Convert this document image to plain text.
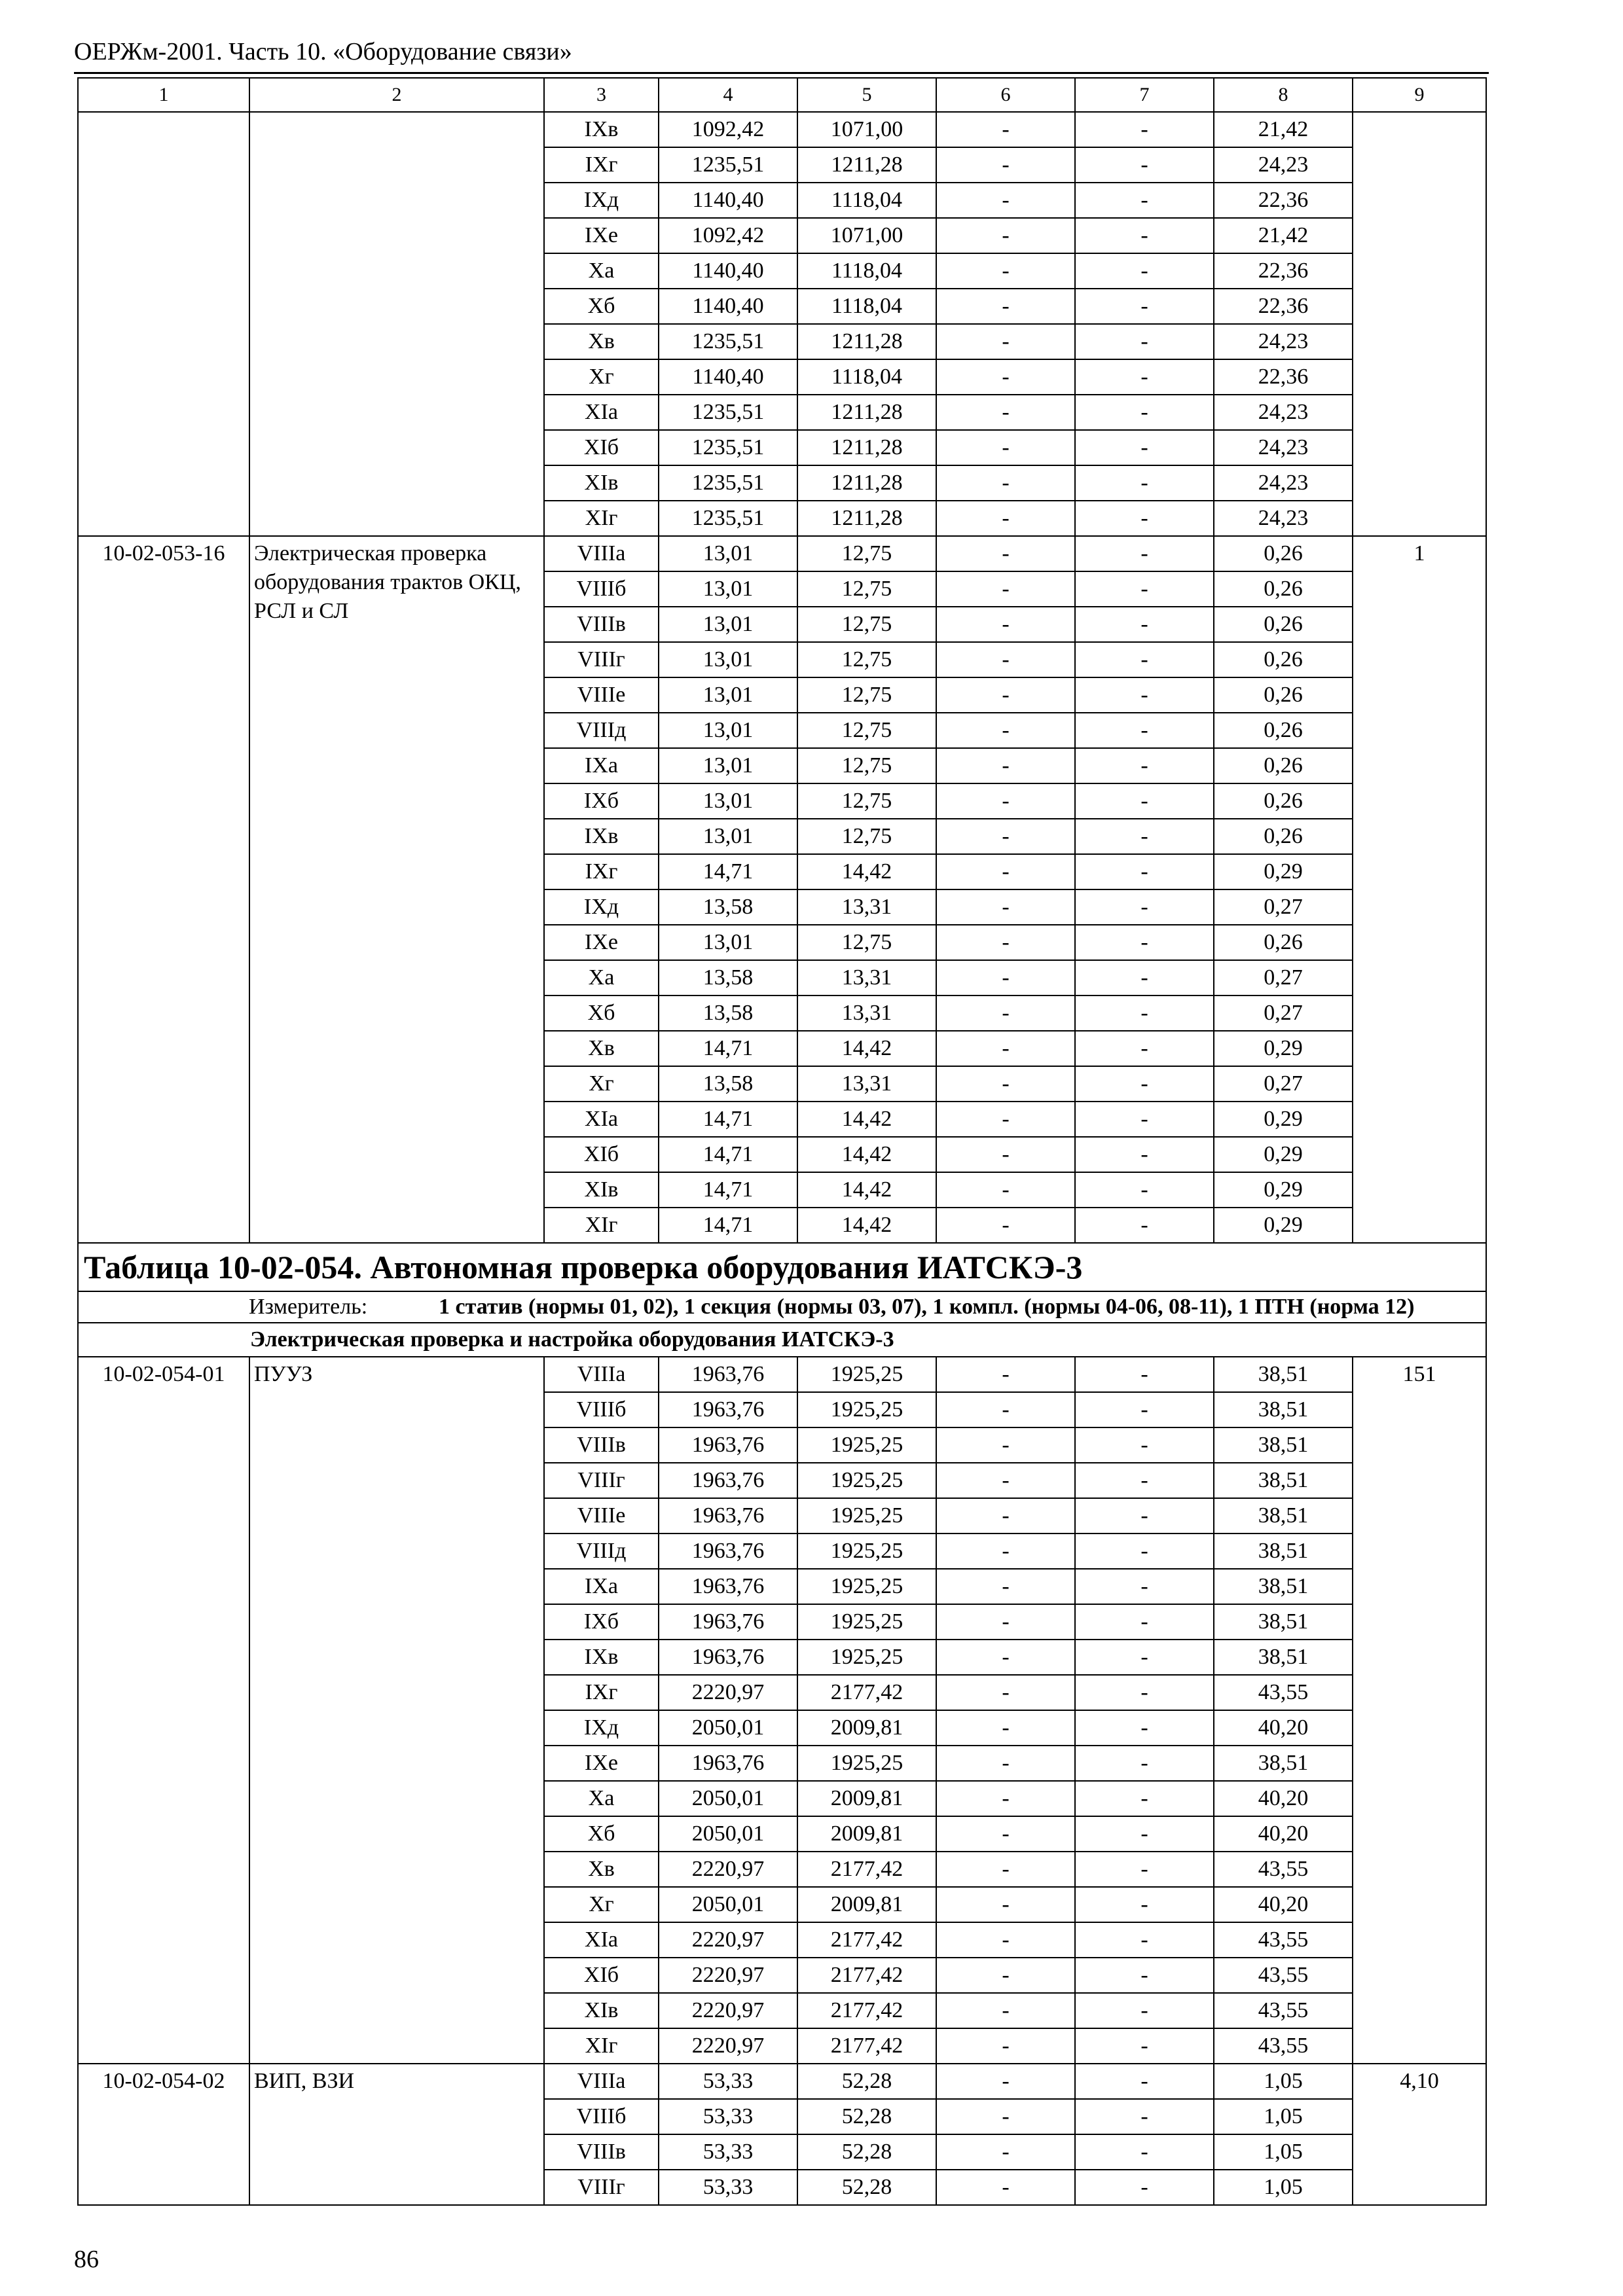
ОЕРЖм-2001. Часть 10. «Оборудование связи»
1	2	3	4	5	6	7	8	9
		IXв	1092,42	1071,00	-	-	21,42	
		IXг	1235,51	1211,28	-	-	24,23	
		IXд	1140,40	1118,04	-	-	22,36	
		IXе	1092,42	1071,00	-	-	21,42	
		Xа	1140,40	1118,04	-	-	22,36	
		Xб	1140,40	1118,04	-	-	22,36	
		Xв	1235,51	1211,28	-	-	24,23	
		Xг	1140,40	1118,04	-	-	22,36	
		XIа	1235,51	1211,28	-	-	24,23	
		XIб	1235,51	1211,28	-	-	24,23	
		XIв	1235,51	1211,28	-	-	24,23	
		XIг	1235,51	1211,28	-	-	24,23	
10-02-053-16	Электрическая проверка оборудования трактов ОКЦ, РСЛ и СЛ	VIIIа	13,01	12,75	-	-	0,26	1
		VIIIб	13,01	12,75	-	-	0,26	
		VIIIв	13,01	12,75	-	-	0,26	
		VIIIг	13,01	12,75	-	-	0,26	
		VIIIе	13,01	12,75	-	-	0,26	
		VIIIд	13,01	12,75	-	-	0,26	
		IXа	13,01	12,75	-	-	0,26	
		IXб	13,01	12,75	-	-	0,26	
		IXв	13,01	12,75	-	-	0,26	
		IXг	14,71	14,42	-	-	0,29	
		IXд	13,58	13,31	-	-	0,27	
		IXе	13,01	12,75	-	-	0,26	
		Xа	13,58	13,31	-	-	0,27	
		Xб	13,58	13,31	-	-	0,27	
		Xв	14,71	14,42	-	-	0,29	
		Xг	13,58	13,31	-	-	0,27	
		XIа	14,71	14,42	-	-	0,29	
		XIб	14,71	14,42	-	-	0,29	
		XIв	14,71	14,42	-	-	0,29	
		XIг	14,71	14,42	-	-	0,29	
Таблица 10-02-054. Автономная проверка оборудования ИАТСКЭ-3								

Измеритель: 1 статив (нормы 01, 02), 1 секция (нормы 03, 07), 1 компл. (нормы 04-06, 08-11), 1 ПТН (норма 12)								

Электрическая проверка и настройка оборудования ИАТСКЭ-3								
10-02-054-01	ПУУЗ	VIIIа	1963,76	1925,25	-	-	38,51	151
		VIIIб	1963,76	1925,25	-	-	38,51	
		VIIIв	1963,76	1925,25	-	-	38,51	
		VIIIг	1963,76	1925,25	-	-	38,51	
		VIIIе	1963,76	1925,25	-	-	38,51	
		VIIIд	1963,76	1925,25	-	-	38,51	
		IXа	1963,76	1925,25	-	-	38,51	
		IXб	1963,76	1925,25	-	-	38,51	
		IXв	1963,76	1925,25	-	-	38,51	
		IXг	2220,97	2177,42	-	-	43,55	
		IXд	2050,01	2009,81	-	-	40,20	
		IXе	1963,76	1925,25	-	-	38,51	
		Xа	2050,01	2009,81	-	-	40,20	
		Xб	2050,01	2009,81	-	-	40,20	
		Xв	2220,97	2177,42	-	-	43,55	
		Xг	2050,01	2009,81	-	-	40,20	
		XIа	2220,97	2177,42	-	-	43,55	
		XIб	2220,97	2177,42	-	-	43,55	
		XIв	2220,97	2177,42	-	-	43,55	
		XIг	2220,97	2177,42	-	-	43,55	
10-02-054-02	ВИП, ВЗИ	VIIIа	53,33	52,28	-	-	1,05	4,10
		VIIIб	53,33	52,28	-	-	1,05	
		VIIIв	53,33	52,28	-	-	1,05	
		VIIIг	53,33	52,28	-	-	1,05	
86
